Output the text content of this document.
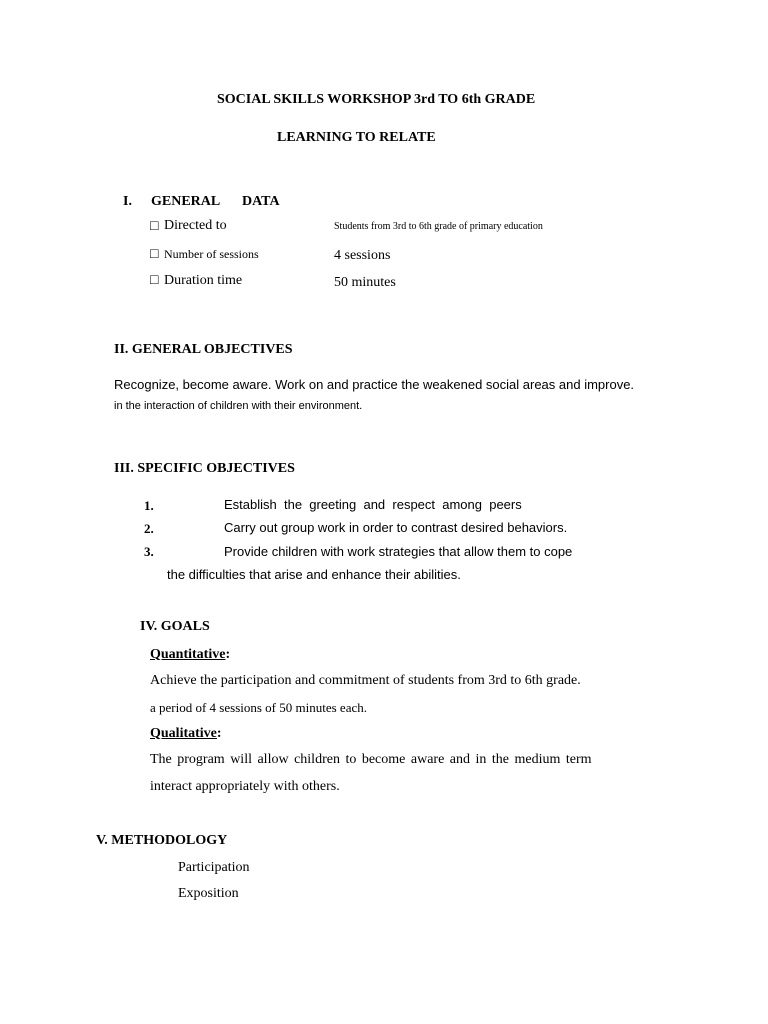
SOCIAL SKILLS WORKSHOP 3rd TO 6th GRADE
LEARNING TO RELATE
I. GENERAL DATA
□ Directed to	Students from 3rd to 6th grade of primary education
□ Number of sessions	4 sessions
□ Duration time	50 minutes
II. GENERAL OBJECTIVES
Recognize, become aware. Work on and practice the weakened social areas and improve.
in the interaction of children with their environment.
III. SPECIFIC OBJECTIVES
1.	Establish  the  greeting  and  respect  among  peers
2.	Carry out group work in order to contrast desired behaviors.
3.	Provide children with work strategies that allow them to cope
the difficulties that arise and enhance their abilities.
IV. GOALS
Quantitative:
Achieve the participation and commitment of students from 3rd to 6th grade.
a period of 4 sessions of 50 minutes each.
Qualitative:
The program will allow children to become aware and in the medium term
interact appropriately with others.
V. METHODOLOGY
Participation
Exposition
